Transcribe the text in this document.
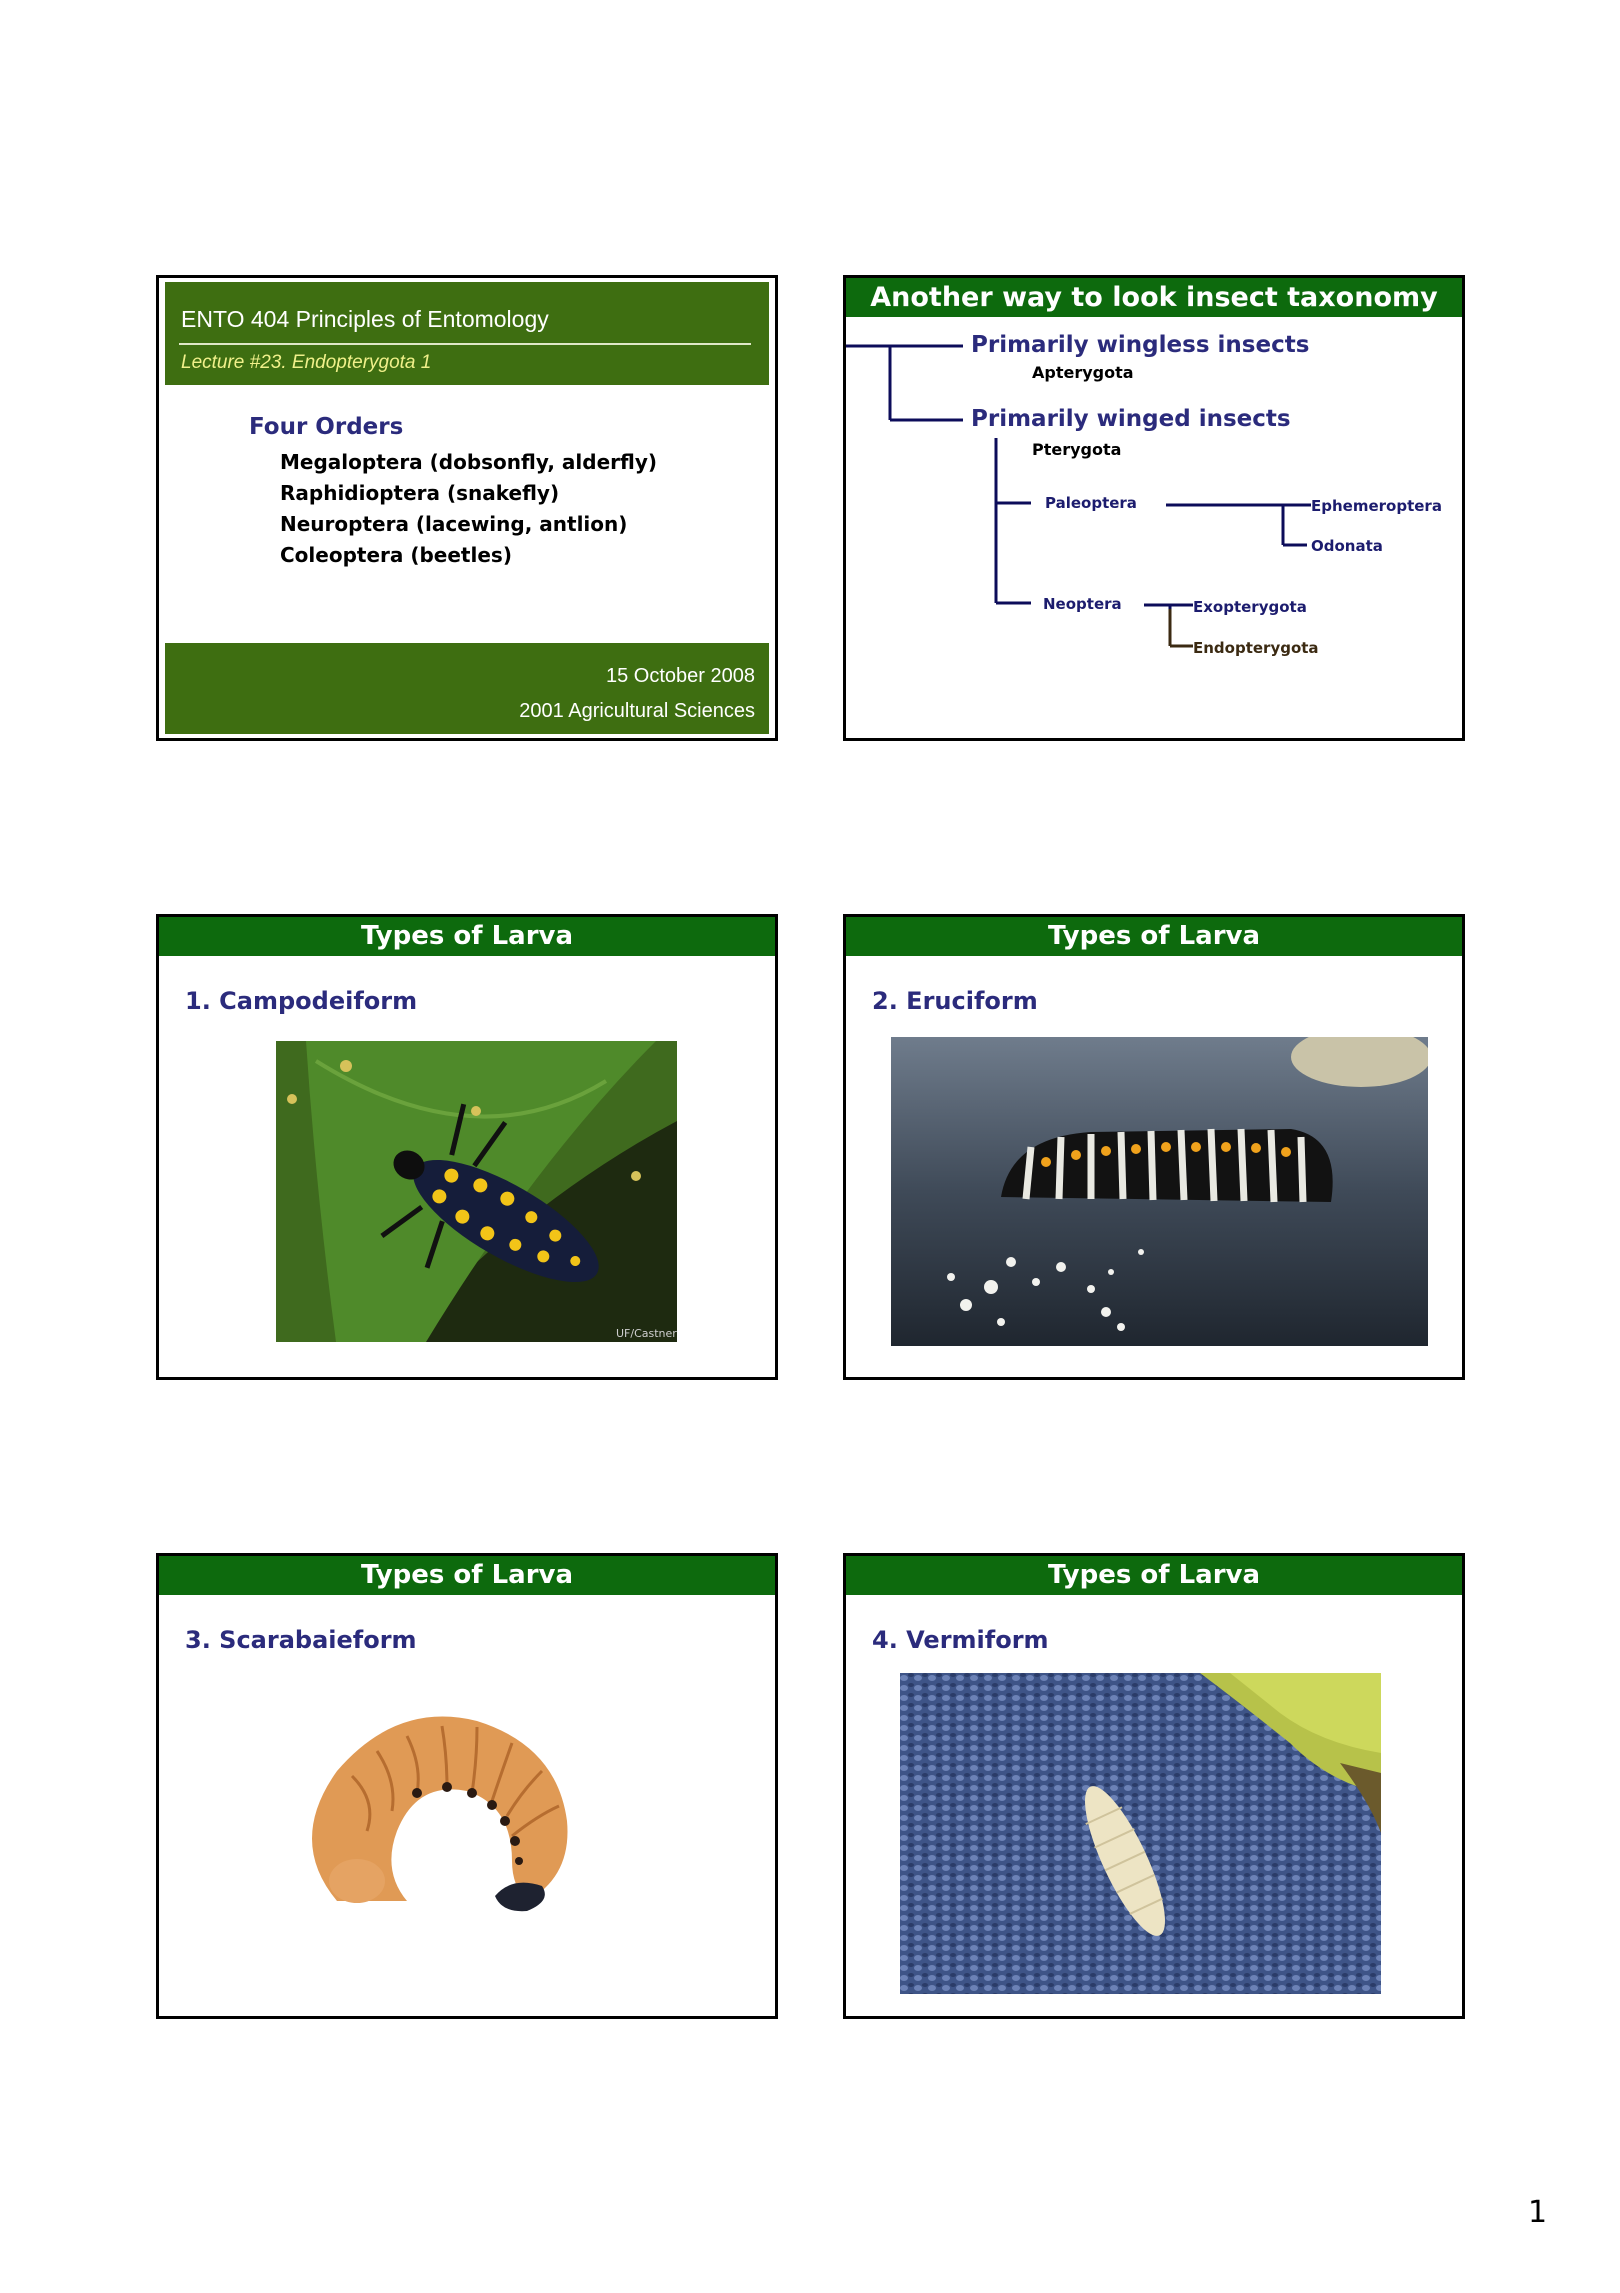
ENTO 404 Principles of Entomology
Lecture #23. Endopterygota 1
Four Orders
Megaloptera (dobsonfly, alderfly)
Raphidioptera (snakefly)
Neuroptera (lacewing, antlion)
Coleoptera (beetles)
15 October 2008
2001 Agricultural Sciences
Another way to look insect taxonomy
Primarily wingless insects
Apterygota
Primarily winged insects
Pterygota
Paleoptera	Ephemeroptera
Odonata
Neoptera	Exopterygota
Endopterygota
Types of Larva
1. Campodeiform
UF/Castner
Types of Larva
2. Eruciform
Types of Larva
3. Scarabaieform
Types of Larva
4. Vermiform
1
